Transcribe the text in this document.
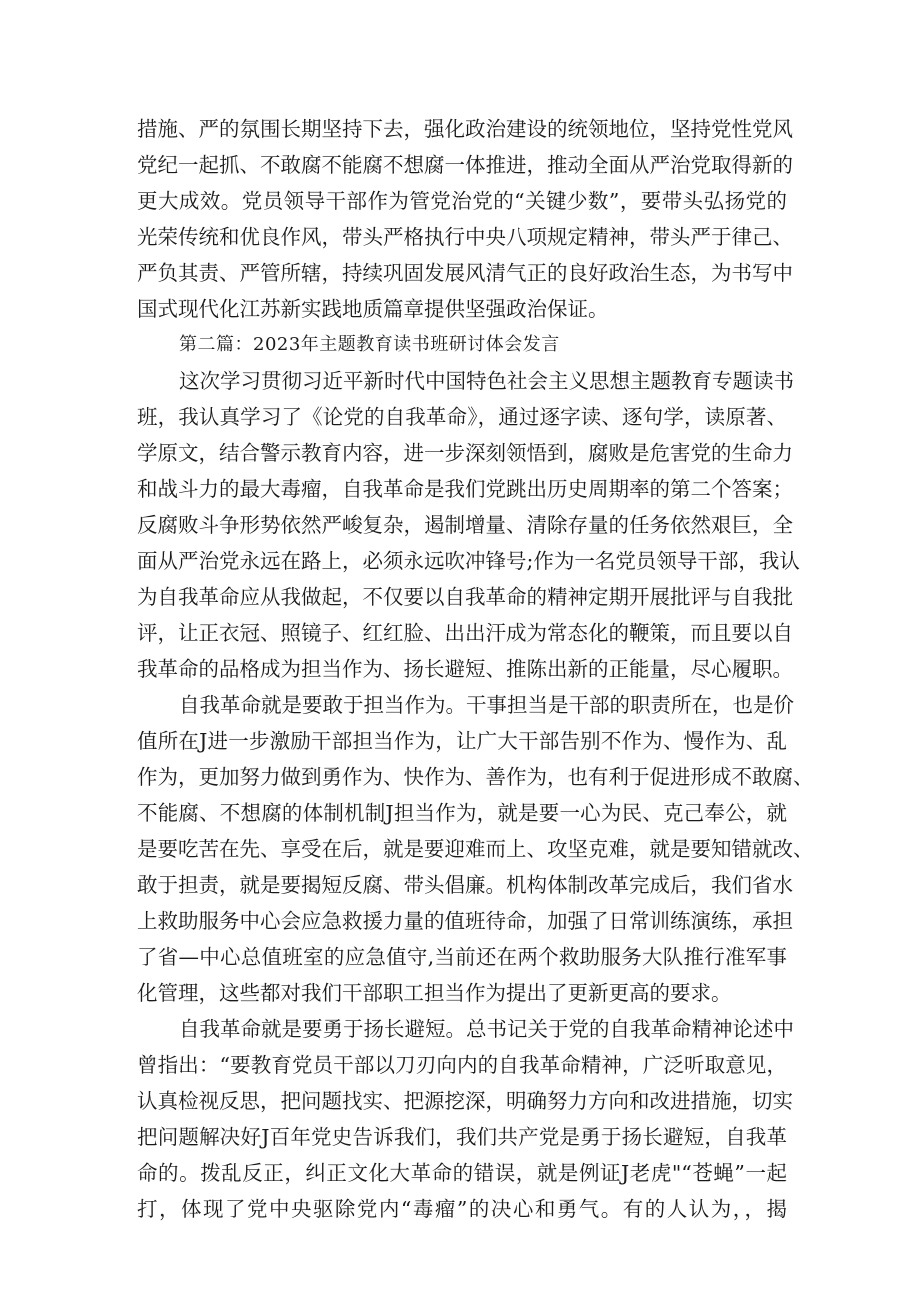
措施、严的氛围长期坚持下去，强化政治建设的统领地位，坚持党性党风
党纪一起抓、不敢腐不能腐不想腐一体推进，推动全面从严治党取得新的
更大成效。党员领导干部作为管党治党的“关键少数”，要带头弘扬党的
光荣传统和优良作风，带头严格执行中央八项规定精神，带头严于律己、
严负其责、严管所辖，持续巩固发展风清气正的良好政治生态，为书写中
国式现代化江苏新实践地质篇章提供坚强政治保证。
第二篇：2023年主题教育读书班研讨体会发言
这次学习贯彻习近平新时代中国特色社会主义思想主题教育专题读书
班，我认真学习了《论党的自我革命》，通过逐字读、逐句学，读原著、
学原文，结合警示教育内容，进一步深刻领悟到，腐败是危害党的生命力
和战斗力的最大毒瘤，自我革命是我们党跳出历史周期率的第二个答案；
反腐败斗争形势依然严峻复杂，遏制增量、清除存量的任务依然艰巨，全
面从严治党永远在路上，必须永远吹冲锋号;作为一名党员领导干部，我认
为自我革命应从我做起，不仅要以自我革命的精神定期开展批评与自我批
评，让正衣冠、照镜子、红红脸、出出汗成为常态化的鞭策，而且要以自
我革命的品格成为担当作为、扬长避短、推陈出新的正能量，尽心履职。
自我革命就是要敢于担当作为。干事担当是干部的职责所在，也是价
值所在J进一步激励干部担当作为，让广大干部告别不作为、慢作为、乱
作为，更加努力做到勇作为、快作为、善作为，也有利于促进形成不敢腐、
不能腐、不想腐的体制机制J担当作为，就是要一心为民、克己奉公，就
是要吃苦在先、享受在后，就是要迎难而上、攻坚克难，就是要知错就改、
敢于担责，就是要揭短反腐、带头倡廉。机构体制改革完成后，我们省水
上救助服务中心会应急救援力量的值班待命，加强了日常训练演练，承担
了省—中心总值班室的应急值守,当前还在两个救助服务大队推行准军事
化管理，这些都对我们干部职工担当作为提出了更新更高的要求。
自我革命就是要勇于扬长避短。总书记关于党的自我革命精神论述中
曾指出：“要教育党员干部以刀刃向内的自我革命精神，广泛听取意见，
认真检视反思，把问题找实、把源挖深，明确努力方向和改进措施，切实
把问题解决好J百年党史告诉我们，我们共产党是勇于扬长避短，自我革
命的。拨乱反正，纠正文化大革命的错误，就是例证J老虎"“苍蝇”一起
打，体现了党中央驱除党内“毒瘤”的决心和勇气。有的人认为，，揭
